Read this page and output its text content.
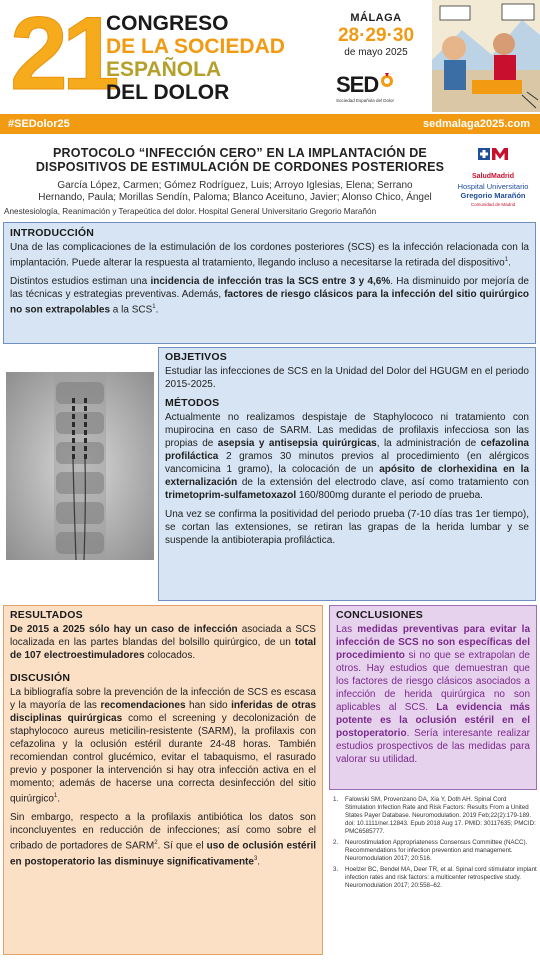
21
CONGRESO
DE LA SOCIEDAD
ESPAÑOLA
DEL DOLOR
MÁLAGA
28·29·30
de mayo 2025
SED
Sociedad Española del Dolor
#SEDolor25	sedmalaga2025.com
PROTOCOLO “INFECCIÓN CERO” EN LA IMPLANTACIÓN DE
DISPOSITIVOS DE ESTIMULACIÓN DE CORDONES POSTERIORES
García López, Carmen; Gómez Rodríguez, Luis; Arroyo Iglesias, Elena; Serrano
Hernando, Paula; Morillas Sendín, Paloma; Blanco Aceituno, Javier; Alonso Chico, Ángel
Anestesiología, Reanimación y Terapeútica del dolor. Hospital General Universitario Gregorio Marañón
SaludMadrid
Hospital Universitario
Gregorio Marañón
Comunidad de Madrid
INTRODUCCIÓN
Una de las complicaciones de la estimulación de los cordones posteriores (SCS) es la infección relacionada con la implantación. Puede alterar la respuesta al tratamiento, llegando incluso a necesitarse la retirada del dispositivo$^1$.
Distintos estudios estiman una incidencia de infección tras la SCS entre 3 y 4,6%. Ha disminuido por mejoría de las técnicas y estrategias preventivas. Además, factores de riesgo clásicos para la infección del sitio quirúrgico no son extrapolables a la SCS$^1$.
OBJETIVOS
Estudiar las infecciones de SCS en la Unidad del Dolor del HGUGM en el periodo 2015-2025.
MÉTODOS
Actualmente no realizamos despistaje de Staphylococo ni tratamiento con mupirocina en caso de SARM. Las medidas de profilaxis infecciosa son las propias de asepsia y antisepsia quirúrgicas, la administración de cefazolina profiláctica 2 gramos 30 minutos previos al procedimiento (en alérgicos vancomicina 1 gramo), la colocación de un apósito de clorhexidina en la externalización de la extensión del electrodo clave, así como tratamiento con trimetoprim-sulfametoxazol 160/800mg durante el periodo de prueba.
Una vez se confirma la positividad del periodo prueba (7-10 días tras 1er tiempo), se cortan las extensiones, se retiran las grapas de la herida lumbar y se suspende la antibioterapia profiláctica.
RESULTADOS
De 2015 a 2025 sólo hay un caso de infección asociada a SCS localizada en las partes blandas del bolsillo quirúrgico, de un total de 107 electroestimuladores colocados.
DISCUSIÓN
La bibliografía sobre la prevención de la infección de SCS es escasa y la mayoría de las recomendaciones han sido inferidas de otras disciplinas quirúrgicas como el screening y decolonización de staphylococo aureus meticilin-resistente (SARM), la profilaxis con cefazolina y la oclusión estéril durante 24-48 horas. También recomiendan control glucémico, evitar el tabaquismo, el rasurado previo y posponer la intervención si hay otra infección activa en el momento; además de hacerse una correcta desinfección del sitio quirúrgico$^1$.
Sin embargo, respecto a la profilaxis antibiótica los datos son inconcluyentes en reducción de infecciones; así como sobre el cribado de portadores de SARM$^2$. Sí que el uso de oclusión estéril en postoperatorio las disminuye significativamente$^3$.
CONCLUSIONES
Las medidas preventivas para evitar la infección de SCS no son específicas del procedimiento si no que se extrapolan de otros. Hay estudios que demuestran que los factores de riesgo clásicos asociados a infección de herida quirúrgica no son aplicables al SCS. La evidencia más potente es la oclusión estéril en el postoperatorio. Sería interesante realizar estudios prospectivos de las medidas para valorar su utilidad.
1.	Falowski SM, Provenzano DA, Xia Y, Doth AH. Spinal Cord Stimulation Infection Rate and Risk Factors: Results From a United States Payer Database. Neuromodulation. 2019 Feb;22(2):179-189. doi: 10.1111/ner.12843. Epub 2018 Aug 17. PMID: 30117635; PMCID: PMC6585777.
2.	Neurostimulation Appropriateness Consensus Committee (NACC). Recommendations for infection prevention and management. Neuromodulation 2017; 20:516.
3.	Hoelzer BC, Bendel MA, Deer TR, et al. Spinal cord stimulator implant infection rates and risk factors: a multicenter retrospective study. Neuromodulation 2017; 20:558–62.
